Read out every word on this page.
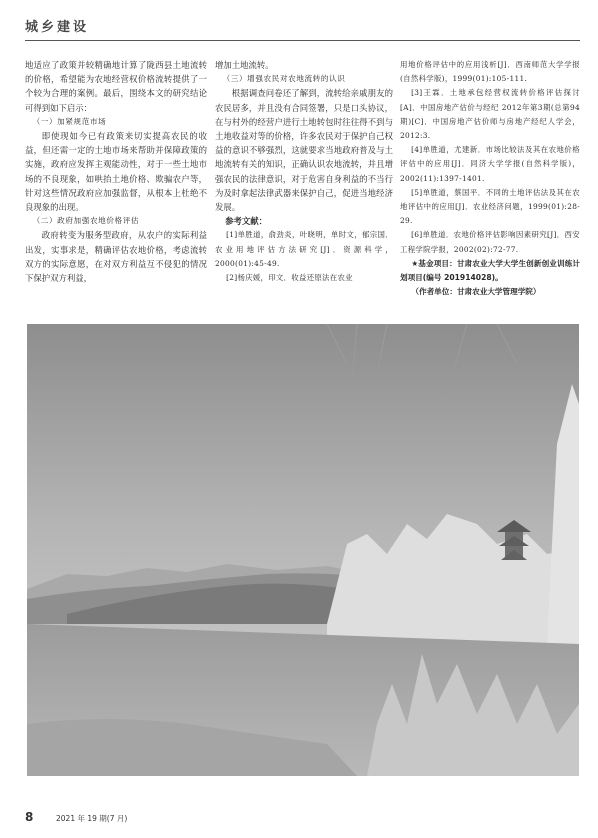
城乡建设

地适应了政策并较精确地计算了陇西县土地流转的价格，希望能为农地经营权价格流转提供了一个较为合理的案例。最后，围绕本文的研究结论可得到如下启示：

（一）加紧规范市场

即使现如今已有政策来切实提高农民的收益，但还需一定的土地市场来帮助并保障政策的实施，政府应发挥主观能动性，对于一些土地市场的不良现象，如哄抬土地价格、欺骗农户等，针对这些情况政府应加强监督，从根本上杜绝不良现象的出现。

（二）政府加强农地价格评估

政府转变为服务型政府，从农户的实际利益出发，实事求是，精确评估农地价格，考虑流转双方的实际意愿，在对双方利益互不侵犯的情况下保护双方利益，

增加土地流转。

（三）增强农民对农地流转的认识

根据调查问卷还了解到，流转给亲戚朋友的农民居多，并且没有合同签署，只是口头协议，在与村外的经营户进行土地转包时往往得不到与土地收益对等的价格，许多农民对于保护自己权益的意识不够强烈，这就要求当地政府普及与土地流转有关的知识，正确认识农地流转，并且增强农民的法律意识，对于危害自身利益的不当行为及时拿起法律武器来保护自己，促进当地经济发展。

参考文献：

[1]单胜道，俞劲炎，叶晓明，单时文，郁宗国．农业用地评估方法研究[J]．资源科学，2000(01):45-49.

[2]杨庆媛，印文．收益还原法在农业

用地价格评估中的应用浅析[J]．西南师范大学学报(自然科学版)，1999(01):105-111.

[3]王霖．土地承包经营权流转价格评估探讨[A]．中国房地产估价与经纪 2012年第3期(总第94期)[C]．中国房地产估价师与房地产经纪人学会，2012:3.

[4]单胜道，尤建新．市场比较法及其在农地价格评估中的应用[J]．同济大学学报(自然科学版)，2002(11):1397-1401.

[5]单胜道，蔡国平．不同的土地评估法及其在农地评估中的应用[J]．农业经济问题，1999(01):28-29.

[6]单胜道．农地价格评估影响因素研究[J]．西安工程学院学报，2002(02):72-77.

★基金项目：甘肃农业大学大学生创新创业训练计划项目(编号 201914028)。

（作者单位：甘肃农业大学管理学院）

8	2021 年 19 期(7 月)
